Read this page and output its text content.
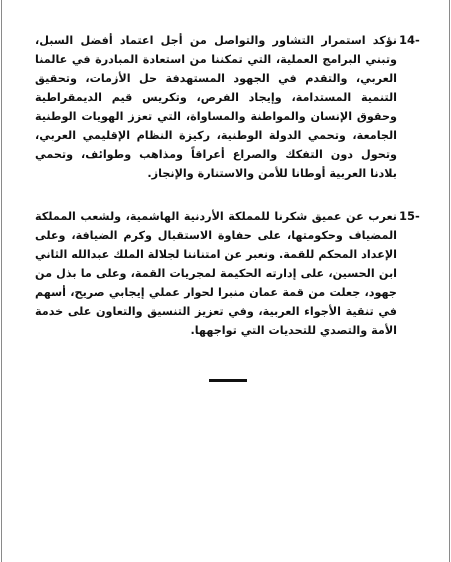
14-
نؤكد استمرار التشاور والتواصل من أجل اعتماد أفضل السبل، وتبني البرامج العملية، التي تمكننا من استعادة المبادرة في عالمنا العربي، والتقدم في الجهود المستهدفة حل الأزمات، وتحقيق التنمية المستدامة، وإيجاد الفرص، وتكريس قيم الديمقراطية وحقوق الإنسان والمواطنة والمساواة، التي تعزز الهويات الوطنية الجامعة، وتحمي الدولة الوطنية، ركيزة النظام الإقليمي العربي، وتحول دون التفكك والصراع أعراقاً ومذاهب وطوائف، وتحمي بلادنا العربية أوطانا للأمن والاستنارة والإنجاز.
15-
نعرب عن عميق شكرنا للمملكة الأردنية الهاشمية، ولشعب المملكة المضياف وحكومتها، على حفاوة الاستقبال وكرم الضيافة، وعلى الإعداد المحكم للقمة. ونعبر عن امتناننا لجلالة الملك عبدالله الثاني ابن الحسين، على إدارته الحكيمة لمجريات القمة، وعلى ما بذل من جهود، جعلت من قمة عمان منبرا لحوار عملي إيجابي صريح، أسهم في تنقية الأجواء العربية، وفي تعزيز التنسيق والتعاون على خدمة الأمة والتصدي للتحديات التي تواجهها.
